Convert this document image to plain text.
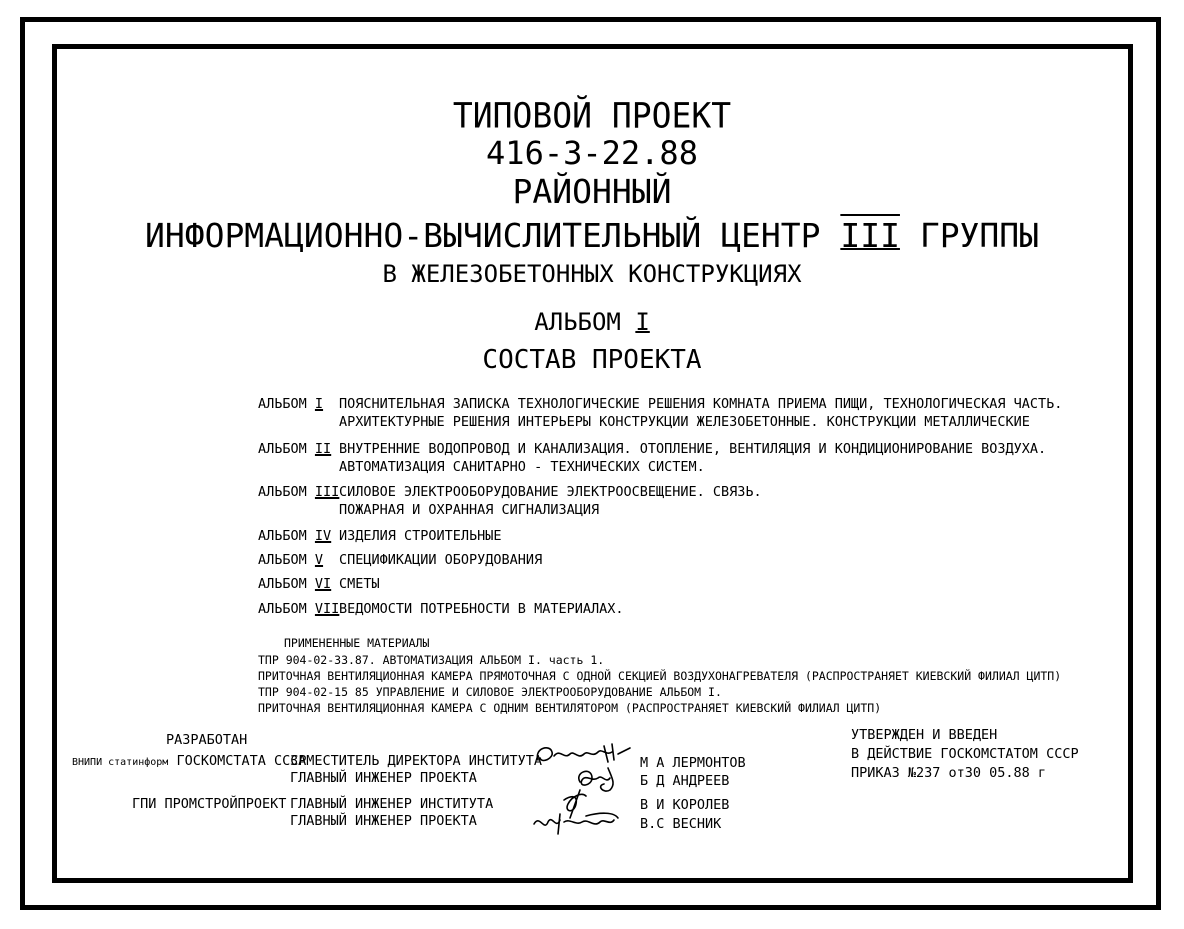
ТИПОВОЙ ПРОЕКТ
416-3-22.88
РАЙОННЫЙ
ИНФОРМАЦИОННО-ВЫЧИСЛИТЕЛЬНЫЙ ЦЕНТР III ГРУППЫ
В ЖЕЛЕЗОБЕТОННЫХ КОНСТРУКЦИЯХ
АЛЬБОМ I
СОСТАВ ПРОЕКТА
АЛЬБОМ I	ПОЯСНИТЕЛЬНАЯ ЗАПИСКА ТЕХНОЛОГИЧЕСКИЕ РЕШЕНИЯ КОМНАТА ПРИЕМА ПИЩИ, ТЕХНОЛОГИЧЕСКАЯ ЧАСТЬ.
АРХИТЕКТУРНЫЕ РЕШЕНИЯ ИНТЕРЬЕРЫ КОНСТРУКЦИИ ЖЕЛЕЗОБЕТОННЫЕ. КОНСТРУКЦИИ МЕТАЛЛИЧЕСКИЕ
АЛЬБОМ II ВНУТРЕННИЕ ВОДОПРОВОД И КАНАЛИЗАЦИЯ. ОТОПЛЕНИЕ, ВЕНТИЛЯЦИЯ И КОНДИЦИОНИРОВАНИЕ ВОЗДУХА.
АВТОМАТИЗАЦИЯ САНИТАРНО - ТЕХНИЧЕСКИХ СИСТЕМ.
АЛЬБОМ III СИЛОВОЕ ЭЛЕКТРООБОРУДОВАНИЕ ЭЛЕКТРООСВЕЩЕНИЕ. СВЯЗЬ.
ПОЖАРНАЯ И ОХРАННАЯ СИГНАЛИЗАЦИЯ
АЛЬБОМ IV ИЗДЕЛИЯ СТРОИТЕЛЬНЫЕ
АЛЬБОМ V	СПЕЦИФИКАЦИИ ОБОРУДОВАНИЯ
АЛЬБОМ VI СМЕТЫ
АЛЬБОМ VII ВЕДОМОСТИ ПОТРЕБНОСТИ В МАТЕРИАЛАХ.
ПРИМЕНЕННЫЕ МАТЕРИАЛЫ
ТПР 904-02-33.87. АВТОМАТИЗАЦИЯ АЛЬБОМ I. часть 1.
ПРИТОЧНАЯ ВЕНТИЛЯЦИОННАЯ КАМЕРА ПРЯМОТОЧНАЯ С ОДНОЙ СЕКЦИЕЙ ВОЗДУХОНАГРЕВАТЕЛЯ (РАСПРОСТРАНЯЕТ КИЕВСКИЙ ФИЛИАЛ ЦИТП)
ТПР 904-02-15 85 УПРАВЛЕНИЕ И СИЛОВОЕ ЭЛЕКТРООБОРУДОВАНИЕ АЛЬБОМ I.
ПРИТОЧНАЯ ВЕНТИЛЯЦИОННАЯ КАМЕРА С ОДНИМ ВЕНТИЛЯТОРОМ (РАСПРОСТРАНЯЕТ КИЕВСКИЙ ФИЛИАЛ ЦИТП)
РАЗРАБОТАН
ВНИПИ статинформ ГОСКОМСТАТА СССР
ЗАМЕСТИТЕЛЬ ДИРЕКТОРА ИНСТИТУТА
ГЛАВНЫЙ ИНЖЕНЕР ПРОЕКТА
М А ЛЕРМОНТОВ
Б Д АНДРЕЕВ
ГПИ ПРОМСТРОЙПРОЕКТ ГЛАВНЫЙ ИНЖЕНЕР ИНСТИТУТА
ГЛАВНЫЙ ИНЖЕНЕР ПРОЕКТА
В И КОРОЛЕВ
В.С ВЕСНИК
УТВЕРЖДЕН И ВВЕДЕН
В ДЕЙСТВИЕ ГОСКОМСТАТОМ СССР
ПРИКАЗ №237 от30 05.88 г
